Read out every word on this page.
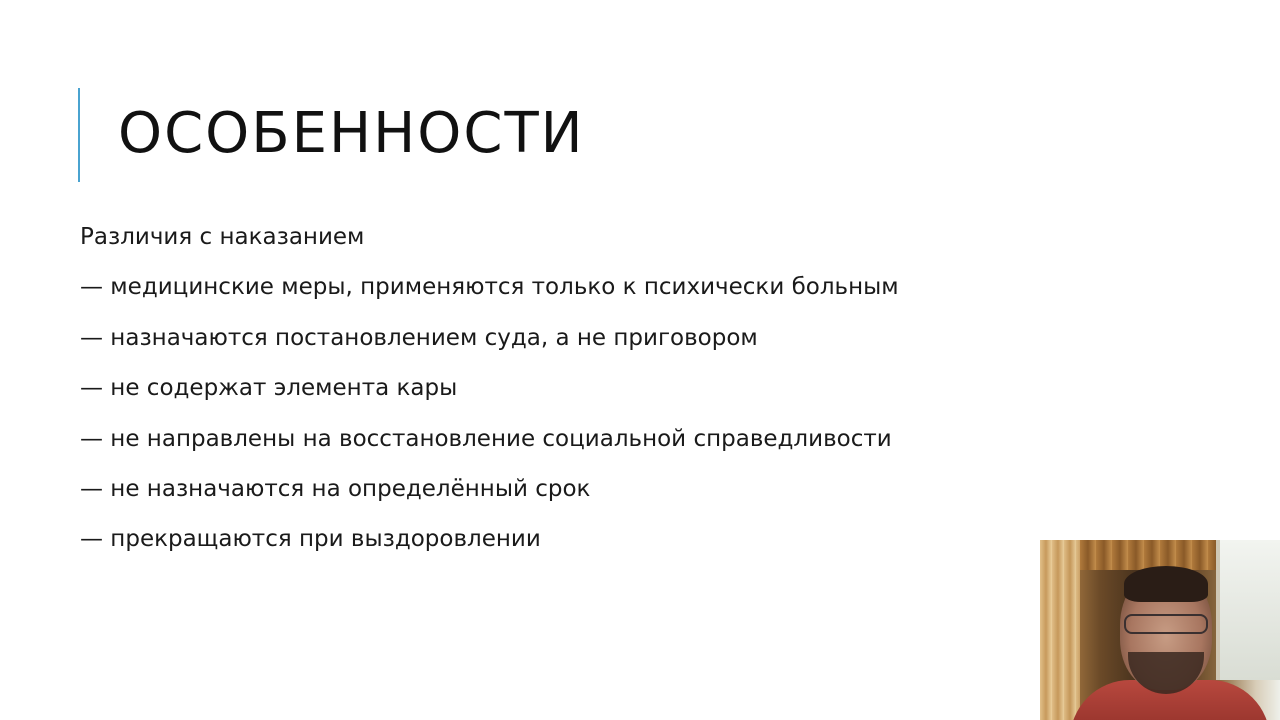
ОСОБЕННОСТИ
Различия с наказанием
— медицинские меры, применяются только к психически больным
— назначаются постановлением суда, а не приговором
— не содержат элемента кары
— не направлены на восстановление социальной справедливости
— не назначаются на определённый срок
— прекращаются при выздоровлении
